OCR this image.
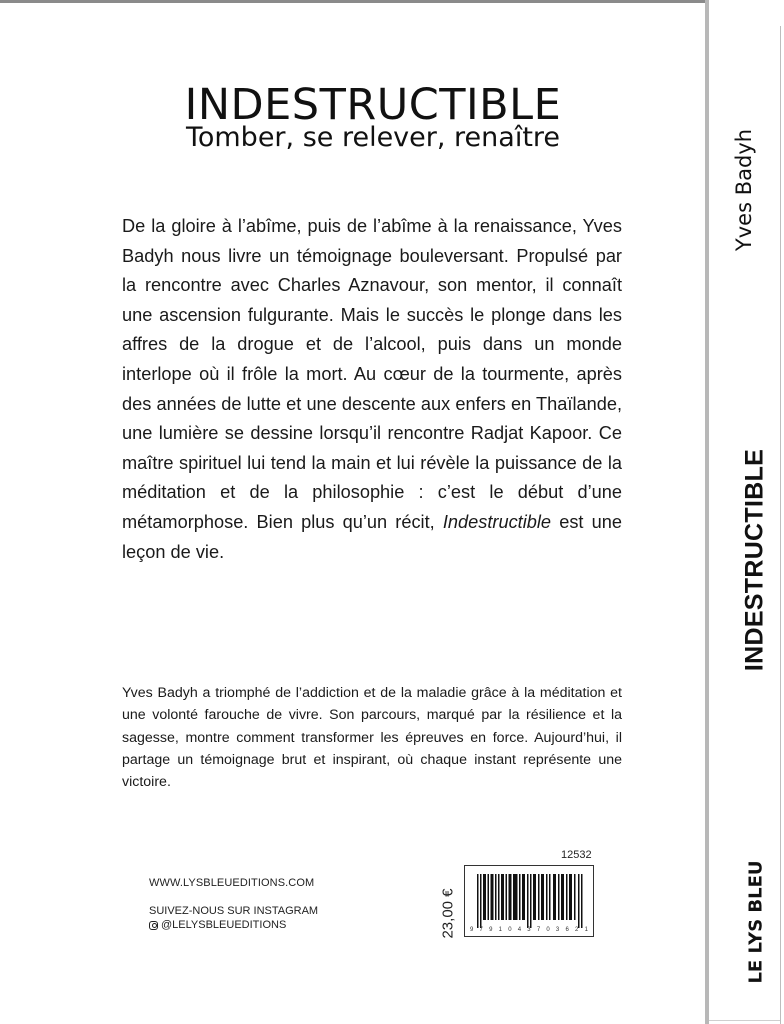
INDESTRUCTIBLE
Tomber, se relever, renaître

De la gloire à l’abîme, puis de l’abîme à la renaissance, Yves Badyh nous livre un témoignage bouleversant. Propulsé par la rencontre avec Charles Aznavour, son mentor, il connaît une ascension fulgurante. Mais le succès le plonge dans les affres de la drogue et de l’alcool, puis dans un monde interlope où il frôle la mort. Au cœur de la tourmente, après des années de lutte et une descente aux enfers en Thaïlande, une lumière se dessine lorsqu’il rencontre Radjat Kapoor. Ce maître spirituel lui tend la main et lui révèle la puissance de la méditation et de la philosophie : c’est le début d’une métamorphose. Bien plus qu’un récit, Indestructible est une leçon de vie.

Yves Badyh a triomphé de l’addiction et de la maladie grâce à la méditation et une volonté farouche de vivre. Son parcours, marqué par la résilience et la sagesse, montre comment transformer les épreuves en force. Aujourd’hui, il partage un témoignage brut et inspirant, où chaque instant représente une victoire.

WWW.LYSBLEUEDITIONS.COM
SUIVEZ-NOUS SUR INSTAGRAM
@LELYSBLEUEDITIONS
12532
23,00 € 9 7 9 1 0 4 3 7 0 3 6 2 1
Yves Badyh
INDESTRUCTIBLE
LE LYS BLEU
